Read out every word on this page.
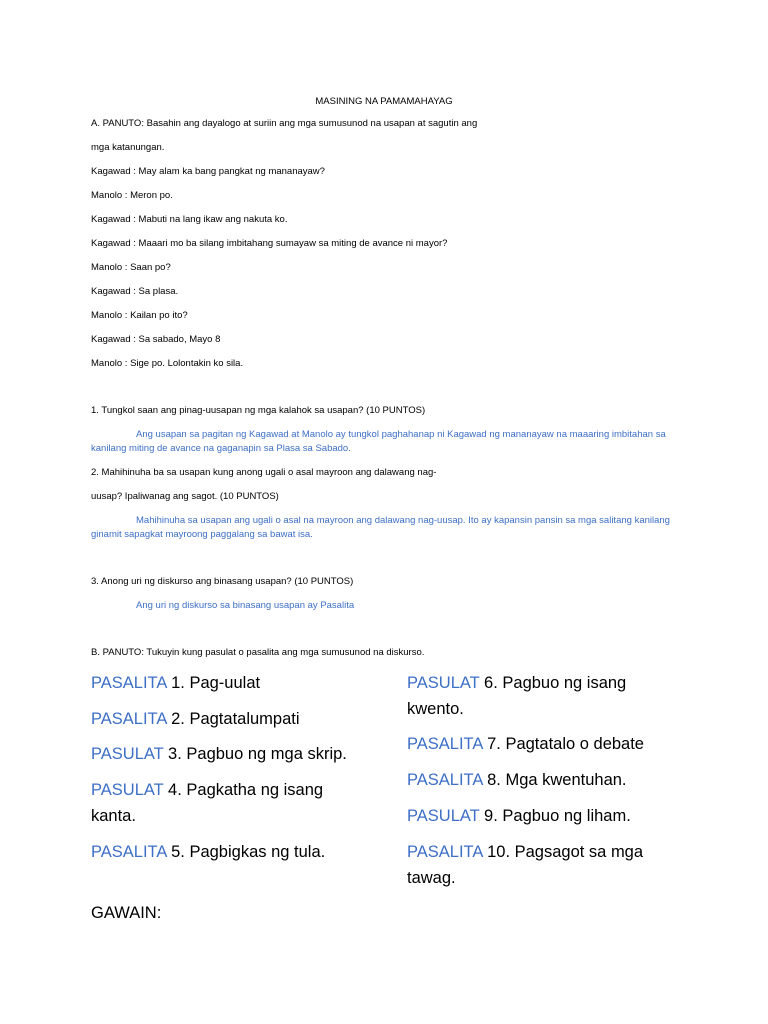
MASINING NA PAMAMAHAYAG
A. PANUTO: Basahin ang dayalogo at suriin ang mga sumusunod na usapan at sagutin ang
mga katanungan.
Kagawad : May alam ka bang pangkat ng mananayaw?
Manolo : Meron po.
Kagawad : Mabuti na lang ikaw ang nakuta ko.
Kagawad : Maaari mo ba silang imbitahang sumayaw sa miting de avance ni mayor?
Manolo : Saan po?
Kagawad : Sa plasa.
Manolo : Kailan po ito?
Kagawad : Sa sabado, Mayo 8
Manolo : Sige po. Lolontakin ko sila.
1. Tungkol saan ang pinag-uusapan ng mga kalahok sa usapan? (10 PUNTOS)
Ang usapan sa pagitan ng Kagawad at Manolo ay tungkol paghahanap ni Kagawad ng mananayaw na maaaring imbitahan sa
kanilang miting de avance na gaganapin sa Plasa sa Sabado.
2. Mahihinuha ba sa usapan kung anong ugali o asal mayroon ang dalawang nag-
uusap? Ipaliwanag ang sagot. (10 PUNTOS)
Mahihinuha sa usapan ang ugali o asal na mayroon ang dalawang nag-uusap. Ito ay kapansin pansin sa mga salitang kanilang
ginamit sapagkat mayroong paggalang sa bawat isa.
3. Anong uri ng diskurso ang binasang usapan? (10 PUNTOS)
Ang uri ng diskurso sa binasang usapan ay Pasalita
B. PANUTO: Tukuyin kung pasulat o pasalita ang mga sumusunod na diskurso.
PASALITA 1. Pag-uulat
PASALITA 2. Pagtatalumpati
PASULAT 3. Pagbuo ng mga skrip.
PASULAT 4. Pagkatha ng isang kanta.
PASALITA 5. Pagbigkas ng tula.
PASULAT 6. Pagbuo ng isang kwento.
PASALITA 7. Pagtatalo o debate
PASALITA 8. Mga kwentuhan.
PASULAT 9. Pagbuo ng liham.
PASALITA 10. Pagsagot sa mga tawag.
GAWAIN:
